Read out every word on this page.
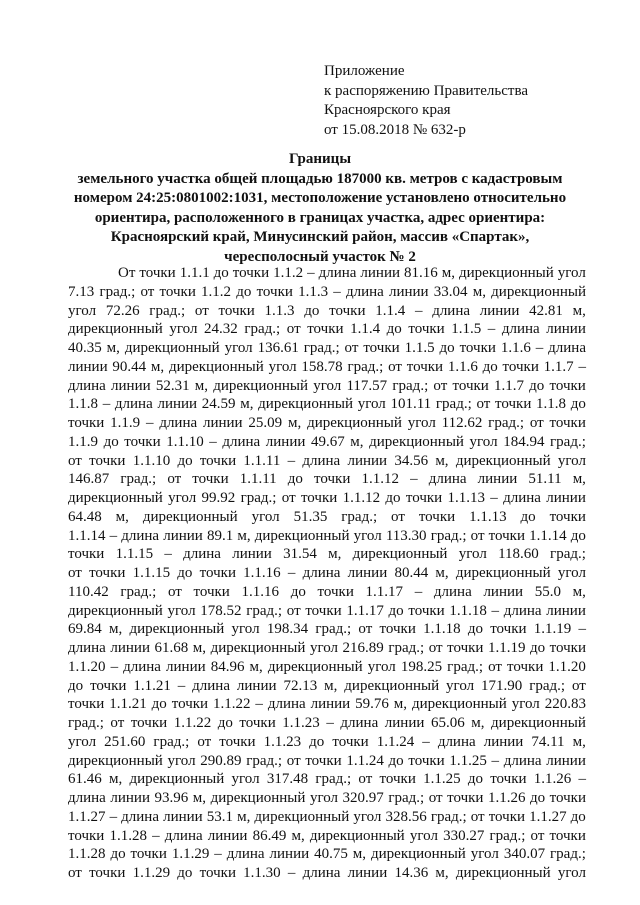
Приложение
к распоряжению Правительства
Красноярского края
от 15.08.2018 № 632-р
Границы
земельного участка общей площадью 187000 кв. метров с кадастровым
номером 24:25:0801002:1031, местоположение установлено относительно
ориентира, расположенного в границах участка, адрес ориентира:
Красноярский край, Минусинский район, массив «Спартак»,
чересполосный участок № 2
От точки 1.1.1 до точки 1.1.2 – длина линии 81.16 м, дирекционный угол
7.13 град.; от точки 1.1.2 до точки 1.1.3 – длина линии 33.04 м, дирекционный
угол 72.26 град.; от точки 1.1.3 до точки 1.1.4 – длина линии 42.81 м,
дирекционный угол 24.32 град.; от точки 1.1.4 до точки 1.1.5 – длина линии
40.35 м, дирекционный угол 136.61 град.; от точки 1.1.5 до точки 1.1.6 – длина
линии 90.44 м, дирекционный угол 158.78 град.; от точки 1.1.6 до точки 1.1.7 –
длина линии 52.31 м, дирекционный угол 117.57 град.; от точки 1.1.7 до точки
1.1.8 – длина линии 24.59 м, дирекционный угол 101.11 град.; от точки 1.1.8 до
точки 1.1.9 – длина линии 25.09 м, дирекционный угол 112.62 град.; от точки
1.1.9 до точки 1.1.10 – длина линии 49.67 м, дирекционный угол 184.94 град.;
от точки 1.1.10 до точки 1.1.11 – длина линии 34.56 м, дирекционный угол
146.87 град.; от точки 1.1.11 до точки 1.1.12 – длина линии 51.11 м,
дирекционный угол 99.92 град.; от точки 1.1.12 до точки 1.1.13 – длина линии
64.48 м, дирекционный угол 51.35 град.; от точки 1.1.13 до точки
1.1.14 – длина линии 89.1 м, дирекционный угол 113.30 град.; от точки 1.1.14 до
точки 1.1.15 – длина линии 31.54 м, дирекционный угол 118.60 град.;
от точки 1.1.15 до точки 1.1.16 – длина линии 80.44 м, дирекционный угол
110.42 град.; от точки 1.1.16 до точки 1.1.17 – длина линии 55.0 м,
дирекционный угол 178.52 град.; от точки 1.1.17 до точки 1.1.18 – длина линии
69.84 м, дирекционный угол 198.34 град.; от точки 1.1.18 до точки 1.1.19 –
длина линии 61.68 м, дирекционный угол 216.89 град.; от точки 1.1.19 до точки
1.1.20 – длина линии 84.96 м, дирекционный угол 198.25 град.; от точки 1.1.20
до точки 1.1.21 – длина линии 72.13 м, дирекционный угол 171.90 град.; от
точки 1.1.21 до точки 1.1.22 – длина линии 59.76 м, дирекционный угол 220.83
град.; от точки 1.1.22 до точки 1.1.23 – длина линии 65.06 м, дирекционный
угол 251.60 град.; от точки 1.1.23 до точки 1.1.24 – длина линии 74.11 м,
дирекционный угол 290.89 град.; от точки 1.1.24 до точки 1.1.25 – длина линии
61.46 м, дирекционный угол 317.48 град.; от точки 1.1.25 до точки 1.1.26 –
длина линии 93.96 м, дирекционный угол 320.97 град.; от точки 1.1.26 до точки
1.1.27 – длина линии 53.1 м, дирекционный угол 328.56 град.; от точки 1.1.27 до
точки 1.1.28 – длина линии 86.49 м, дирекционный угол 330.27 град.; от точки
1.1.28 до точки 1.1.29 – длина линии 40.75 м, дирекционный угол 340.07 град.;
от точки 1.1.29 до точки 1.1.30 – длина линии 14.36 м, дирекционный угол
